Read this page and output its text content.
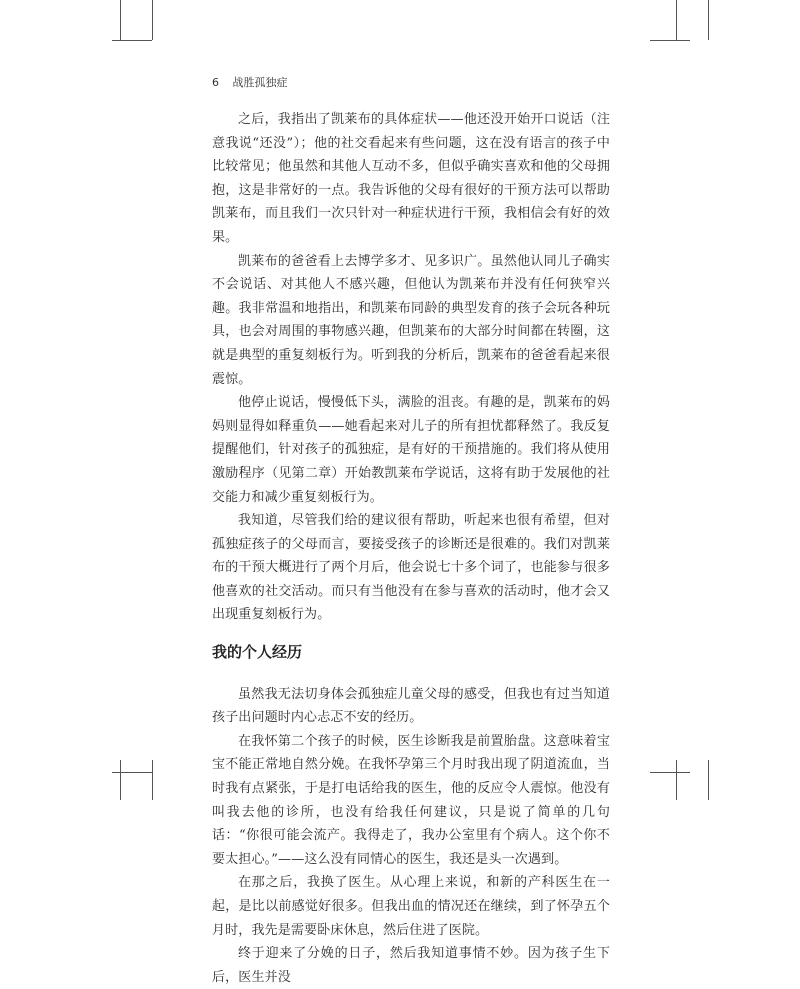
6 战胜孤独症

之后，我指出了凯莱布的具体症状——他还没开始开口说话（注意我说“还没”）；他的社交看起来有些问题，这在没有语言的孩子中比较常见；他虽然和其他人互动不多，但似乎确实喜欢和他的父母拥抱，这是非常好的一点。我告诉他的父母有很好的干预方法可以帮助凯莱布，而且我们一次只针对一种症状进行干预，我相信会有好的效果。

凯莱布的爸爸看上去博学多才、见多识广。虽然他认同儿子确实不会说话、对其他人不感兴趣，但他认为凯莱布并没有任何狭窄兴趣。我非常温和地指出，和凯莱布同龄的典型发育的孩子会玩各种玩具，也会对周围的事物感兴趣，但凯莱布的大部分时间都在转圈，这就是典型的重复刻板行为。听到我的分析后，凯莱布的爸爸看起来很震惊。

他停止说话，慢慢低下头，满脸的沮丧。有趣的是，凯莱布的妈妈则显得如释重负——她看起来对儿子的所有担忧都释然了。我反复提醒他们，针对孩子的孤独症，是有好的干预措施的。我们将从使用激励程序（见第二章）开始教凯莱布学说话，这将有助于发展他的社交能力和减少重复刻板行为。

我知道，尽管我们给的建议很有帮助，听起来也很有希望，但对孤独症孩子的父母而言，要接受孩子的诊断还是很难的。我们对凯莱布的干预大概进行了两个月后，他会说七十多个词了，也能参与很多他喜欢的社交活动。而只有当他没有在参与喜欢的活动时，他才会又出现重复刻板行为。

我的个人经历

虽然我无法切身体会孤独症儿童父母的感受，但我也有过当知道孩子出问题时内心忐忑不安的经历。

在我怀第二个孩子的时候，医生诊断我是前置胎盘。这意味着宝宝不能正常地自然分娩。在我怀孕第三个月时我出现了阴道流血，当时我有点紧张，于是打电话给我的医生，他的反应令人震惊。他没有叫我去他的诊所，也没有给我任何建议，只是说了简单的几句话：“你很可能会流产。我得走了，我办公室里有个病人。这个你不要太担心。”——这么没有同情心的医生，我还是头一次遇到。

在那之后，我换了医生。从心理上来说，和新的产科医生在一起，是比以前感觉好很多。但我出血的情况还在继续，到了怀孕五个月时，我先是需要卧床休息，然后住进了医院。

终于迎来了分娩的日子，然后我知道事情不妙。因为孩子生下后，医生并没
